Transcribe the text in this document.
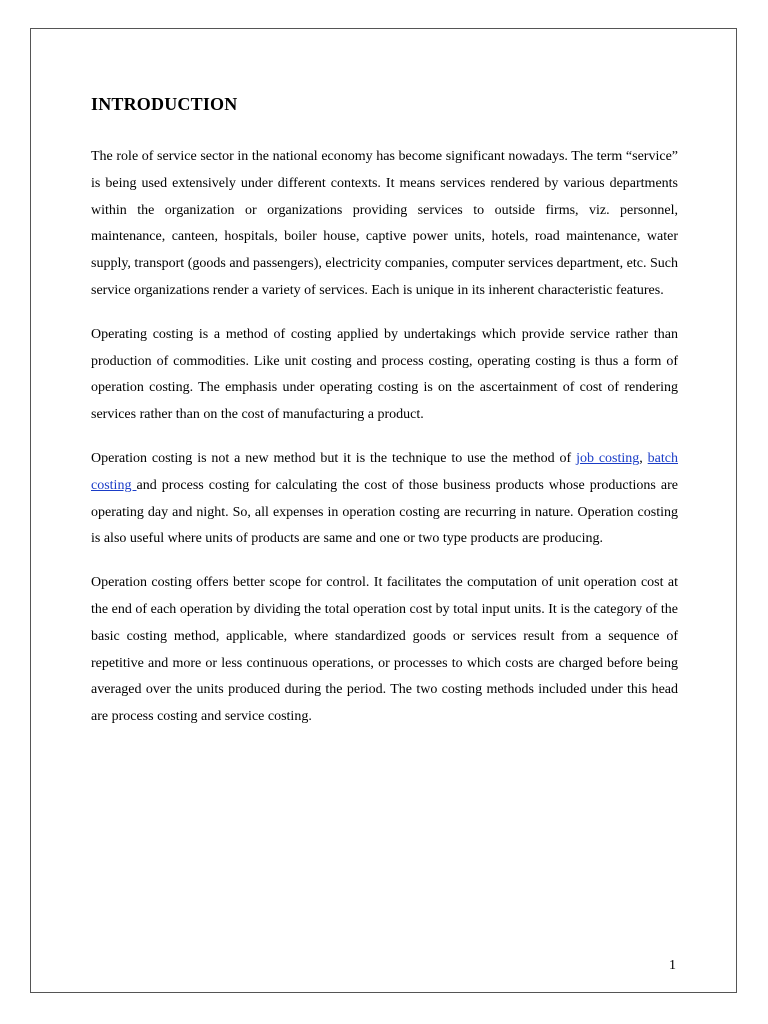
INTRODUCTION

The role of service sector in the national economy has become significant nowadays. The term “service” is being used extensively under different contexts. It means services rendered by various departments within the organization or organizations providing services to outside firms, viz. personnel, maintenance, canteen, hospitals, boiler house, captive power units, hotels, road maintenance, water supply, transport (goods and passengers), electricity companies, computer services department, etc. Such service organizations render a variety of services. Each is unique in its inherent characteristic features.

Operating costing is a method of costing applied by undertakings which provide service rather than production of commodities. Like unit costing and process costing, operating costing is thus a form of operation costing. The emphasis under operating costing is on the ascertainment of cost of rendering services rather than on the cost of manufacturing a product.

Operation costing is not a new method but it is the technique to use the method of job costing, batch costing and process costing for calculating the cost of those business products whose productions are operating day and night. So, all expenses in operation costing are recurring in nature. Operation costing is also useful where units of products are same and one or two type products are producing.

Operation costing offers better scope for control. It facilitates the computation of unit operation cost at the end of each operation by dividing the total operation cost by total input units. It is the category of the basic costing method, applicable, where standardized goods or services result from a sequence of repetitive and more or less continuous operations, or processes to which costs are charged before being averaged over the units produced during the period. The two costing methods included under this head are process costing and service costing.

1
